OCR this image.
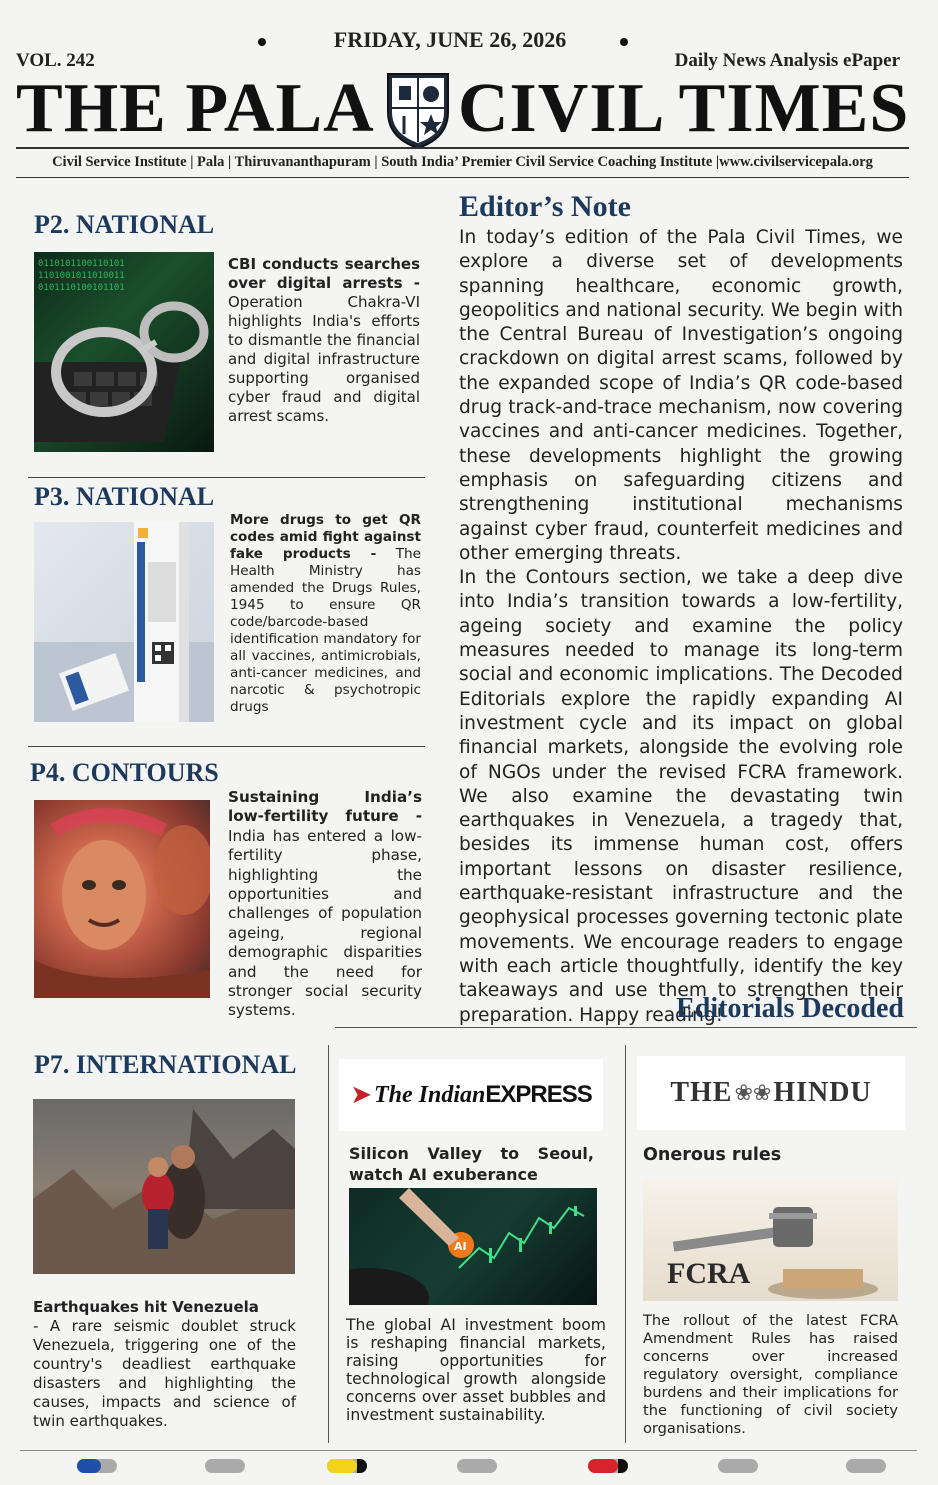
VOL. 242
FRIDAY, JUNE 26, 2026
Daily News Analysis ePaper
THE PALA CIVIL TIMES
Civil Service Institute | Pala | Thiruvananthapuram | South India’ Premier Civil Service Coaching Institute |www.civilservicepala.org
P2. NATIONAL
0110101100110101
1101001011010011
0101110100101101
CBI conducts searches over digital arrests - Operation Chakra-VI highlights India's efforts to dismantle the financial and digital infrastructure supporting organised cyber fraud and digital arrest scams.
P3. NATIONAL
More drugs to get QR codes amid fight against fake products - The Health Ministry has amended the Drugs Rules, 1945 to ensure QR code/barcode-based identification mandatory for all vaccines, antimicrobials, anti-cancer medicines, and narcotic & psychotropic drugs
P4. CONTOURS
Sustaining India’s low-fertility future - India has entered a low-fertility phase, highlighting the opportunities and challenges of population ageing, regional demographic disparities and the need for stronger social security systems.
Editor’s Note
In today’s edition of the Pala Civil Times, we explore a diverse set of developments spanning healthcare, economic growth, geopolitics and national security. We begin with the Central Bureau of Investigation’s ongoing crackdown on digital arrest scams, followed by the expanded scope of India’s QR code-based drug track-and-trace mechanism, now covering vaccines and anti-cancer medicines. Together, these developments highlight the growing emphasis on safeguarding citizens and strengthening institutional mechanisms against cyber fraud, counterfeit medicines and other emerging threats.
In the Contours section, we take a deep dive into India’s transition towards a low-fertility, ageing society and examine the policy measures needed to manage its long-term social and economic implications. The Decoded Editorials explore the rapidly expanding AI investment cycle and its impact on global financial markets, alongside the evolving role of NGOs under the revised FCRA framework. We also examine the devastating twin earthquakes in Venezuela, a tragedy that, besides its immense human cost, offers important lessons on disaster resilience, earthquake-resistant infrastructure and the geophysical processes governing tectonic plate movements. We encourage readers to engage with each article thoughtfully, identify the key takeaways and use them to strengthen their preparation. Happy reading!
Editorials Decoded
P7. INTERNATIONAL
Earthquakes hit Venezuela
- A rare seismic doublet struck Venezuela, triggering one of the country's deadliest earthquake disasters and highlighting the causes, impacts and science of twin earthquakes.
➤ The Indian EXPRESS
Silicon Valley to Seoul, watch AI exuberance
AI
The global AI investment boom is reshaping financial markets, raising opportunities for technological growth alongside concerns over asset bubbles and investment sustainability.
THE ❀❀ HINDU
Onerous rules
FCRA
The rollout of the latest FCRA Amendment Rules has raised concerns over increased regulatory oversight, compliance burdens and their implications for the functioning of civil society organisations.
